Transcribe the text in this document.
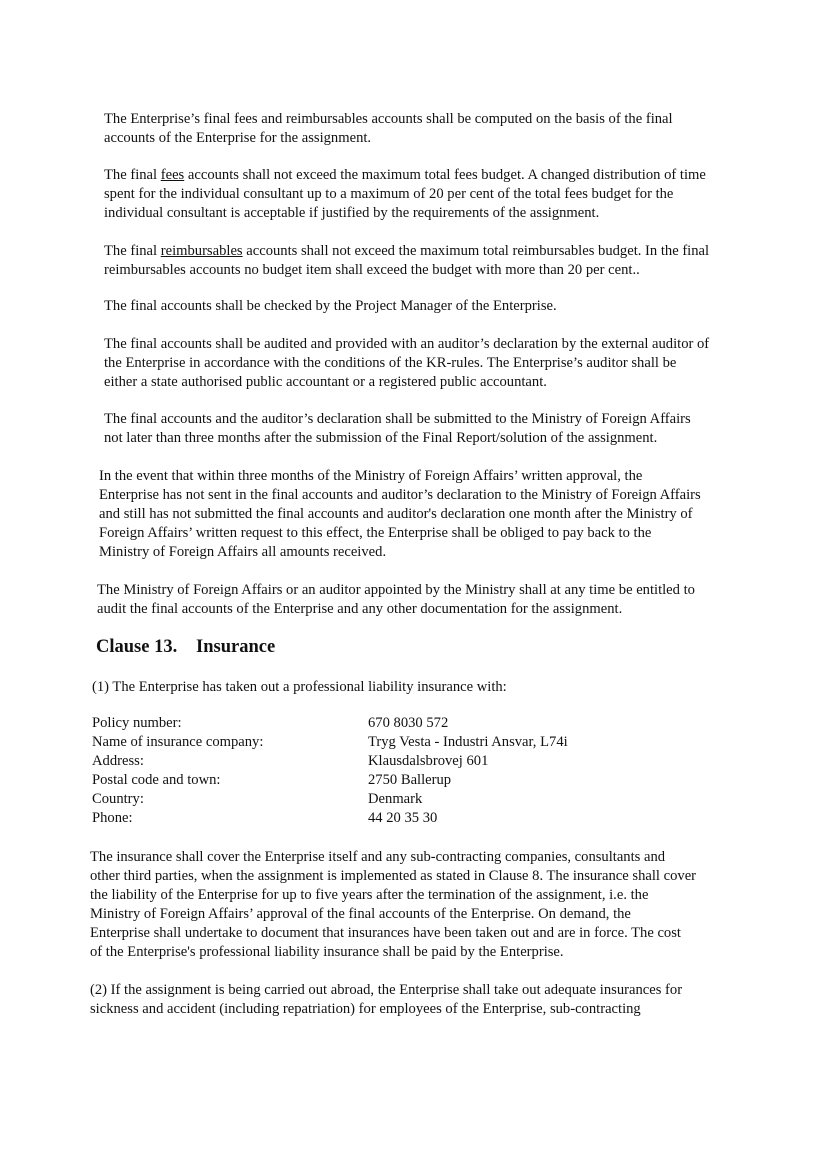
The Enterprise’s final fees and reimbursables accounts shall be computed on the basis of the final
accounts of the Enterprise for the assignment.

The final fees accounts shall not exceed the maximum total fees budget. A changed distribution of time
spent for the individual consultant up to a maximum of 20 per cent of the total fees budget for the
individual consultant is acceptable if justified by the requirements of the assignment.

The final reimbursables accounts shall not exceed the maximum total reimbursables budget. In the final
reimbursables accounts no budget item shall exceed the budget with more than 20 per cent..

The final accounts shall be checked by the Project Manager of the Enterprise.

The final accounts shall be audited and provided with an auditor’s declaration by the external auditor of
the Enterprise in accordance with the conditions of the KR-rules. The Enterprise’s auditor shall be
either a state authorised public accountant or a registered public accountant.

The final accounts and the auditor’s declaration shall be submitted to the Ministry of Foreign Affairs
not later than three months after the submission of the Final Report/solution of the assignment.

In the event that within three months of the Ministry of Foreign Affairs’ written approval, the
Enterprise has not sent in the final accounts and auditor’s declaration to the Ministry of Foreign Affairs
and still has not submitted the final accounts and auditor's declaration one month after the Ministry of
Foreign Affairs’ written request to this effect, the Enterprise shall be obliged to pay back to the
Ministry of Foreign Affairs all amounts received.

The Ministry of Foreign Affairs or an auditor appointed by the Ministry shall at any time be entitled to
audit the final accounts of the Enterprise and any other documentation for the assignment.

Clause 13. Insurance

(1) The Enterprise has taken out a professional liability insurance with:

Policy number:	670 8030 572
Name of insurance company:	Tryg Vesta - Industri Ansvar, L74i
Address:	Klausdalsbrovej 601
Postal code and town:	2750 Ballerup
Country:	Denmark
Phone:	44 20 35 30

The insurance shall cover the Enterprise itself and any sub-contracting companies, consultants and
other third parties, when the assignment is implemented as stated in Clause 8. The insurance shall cover
the liability of the Enterprise for up to five years after the termination of the assignment, i.e. the
Ministry of Foreign Affairs’ approval of the final accounts of the Enterprise. On demand, the
Enterprise shall undertake to document that insurances have been taken out and are in force. The cost
of the Enterprise's professional liability insurance shall be paid by the Enterprise.

(2) If the assignment is being carried out abroad, the Enterprise shall take out adequate insurances for
sickness and accident (including repatriation) for employees of the Enterprise, sub-contracting
